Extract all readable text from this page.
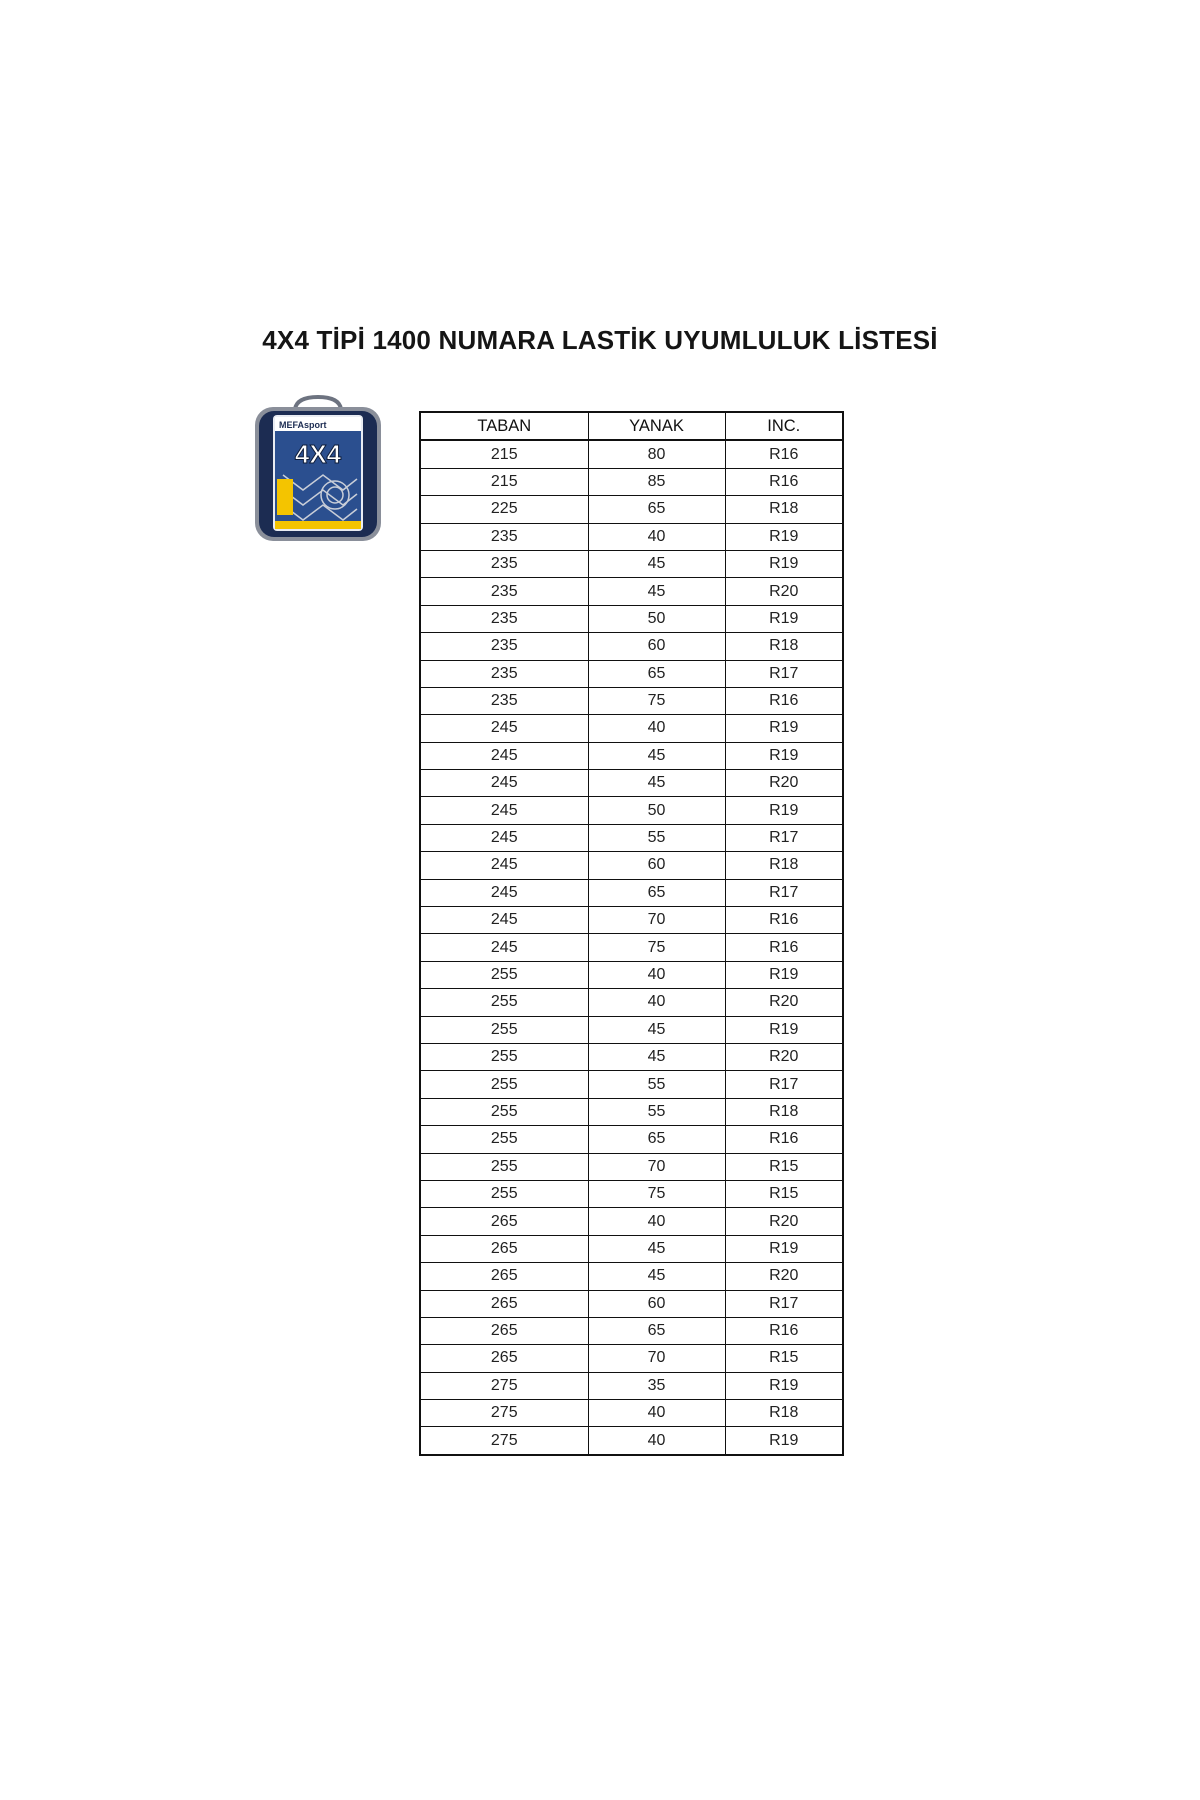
4X4 TİPİ 1400 NUMARA LASTİK UYUMLULUK LİSTESİ
MEFAsport
4X4
TABAN	YANAK	INC.
215	80	R16
215	85	R16
225	65	R18
235	40	R19
235	45	R19
235	45	R20
235	50	R19
235	60	R18
235	65	R17
235	75	R16
245	40	R19
245	45	R19
245	45	R20
245	50	R19
245	55	R17
245	60	R18
245	65	R17
245	70	R16
245	75	R16
255	40	R19
255	40	R20
255	45	R19
255	45	R20
255	55	R17
255	55	R18
255	65	R16
255	70	R15
255	75	R15
265	40	R20
265	45	R19
265	45	R20
265	60	R17
265	65	R16
265	70	R15
275	35	R19
275	40	R18
275	40	R19
